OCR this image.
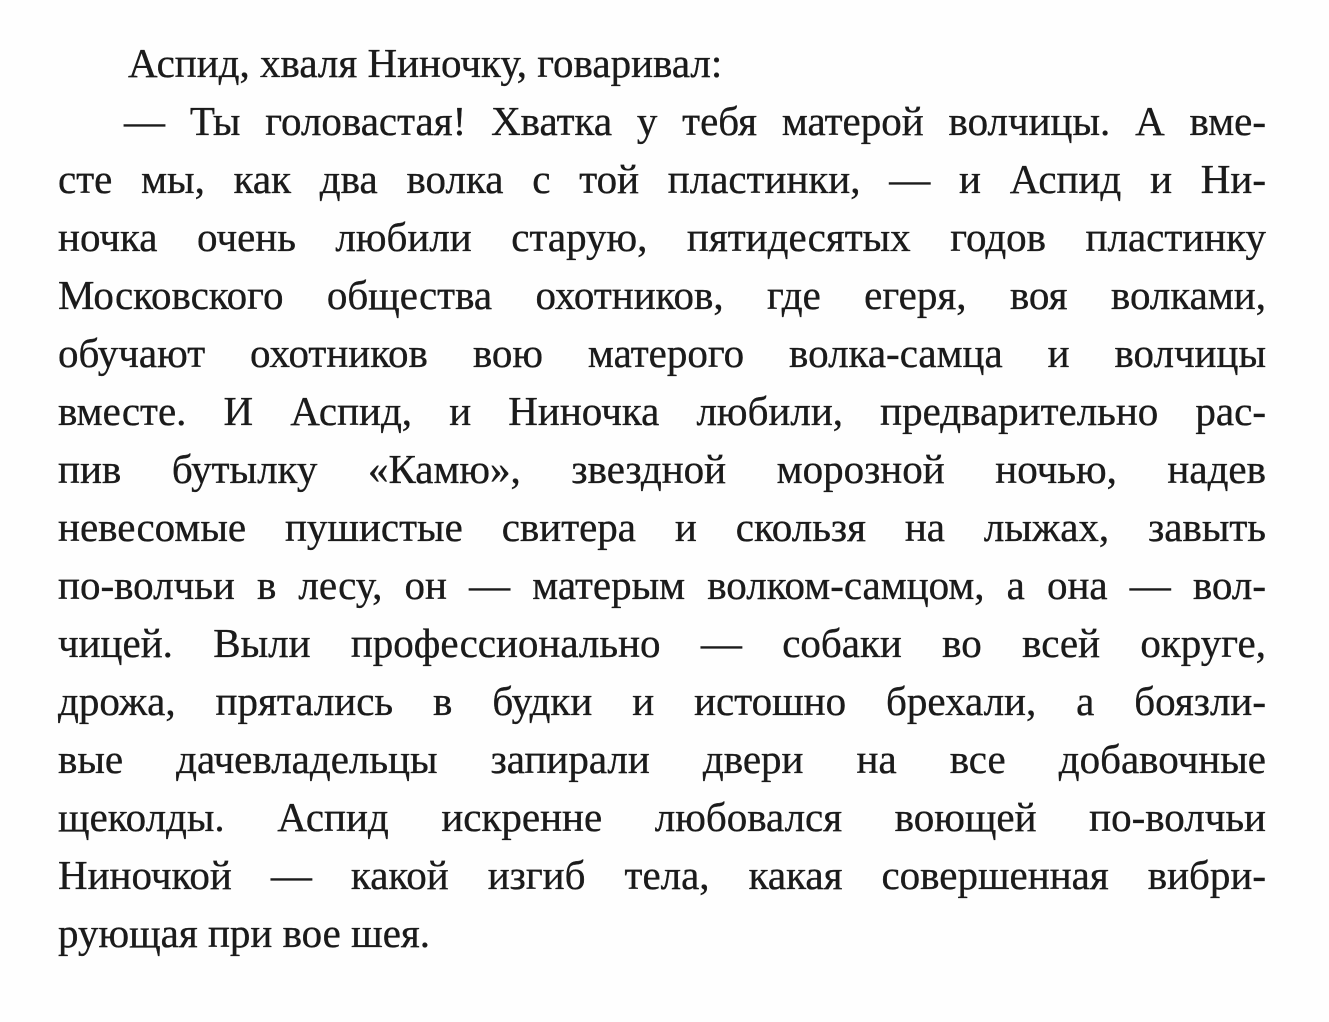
Аспид, хваля Ниночку, говаривал:
— Ты головастая! Хватка у тебя матерой волчицы. А вме-
сте мы, как два волка с той пластинки, — и Аспид и Ни-
ночка очень любили старую, пятидесятых годов пластинку
Московского общества охотников, где егеря, воя волками,
обучают охотников вою матерого волка-самца и волчицы
вместе. И Аспид, и Ниночка любили, предварительно рас-
пив бутылку «Камю», звездной морозной ночью, надев
невесомые пушистые свитера и скользя на лыжах, завыть
по-волчьи в лесу, он — матерым волком-самцом, а она — вол-
чицей. Выли профессионально — собаки во всей округе,
дрожа, прятались в будки и истошно брехали, а боязли-
вые дачевладельцы запирали двери на все добавочные
щеколды. Аспид искренне любовался воющей по-волчьи
Ниночкой — какой изгиб тела, какая совершенная вибри-
рующая при вое шея.
